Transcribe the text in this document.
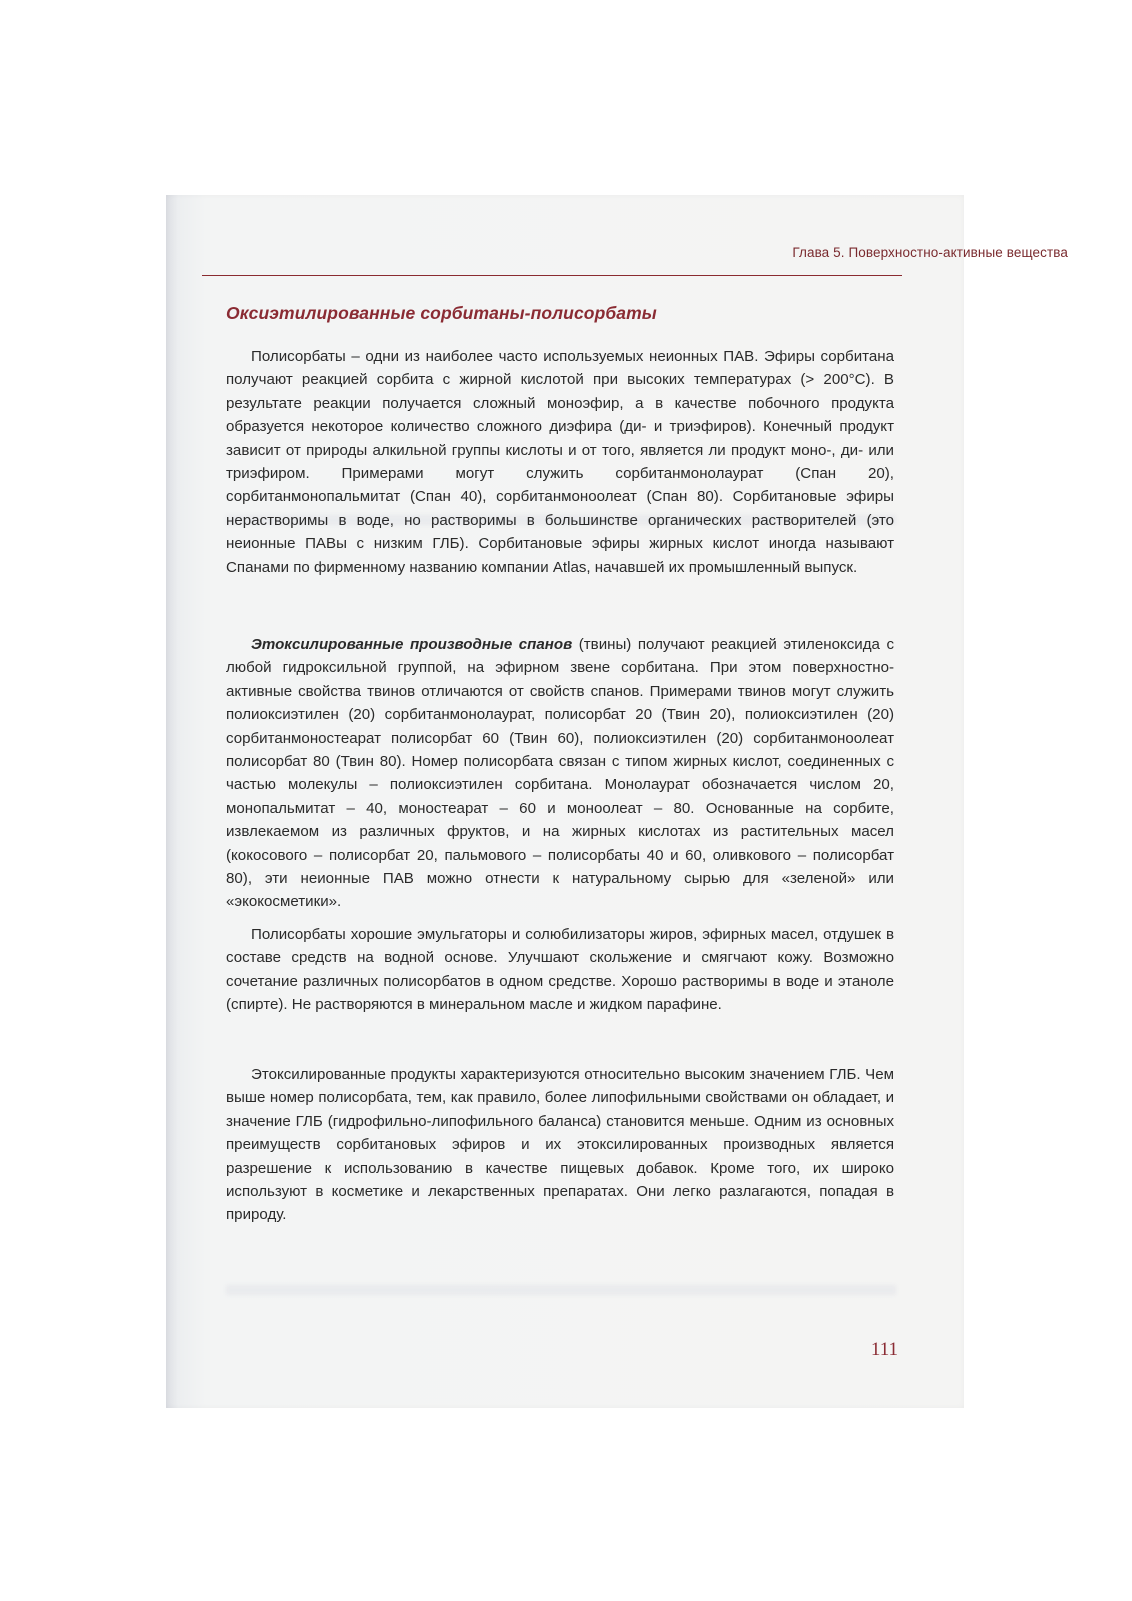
Глава 5. Поверхностно-активные вещества
Оксиэтилированные сорбитаны-полисорбаты

Полисорбаты – одни из наиболее часто используемых неионных ПАВ. Эфиры сорбитана получают реакцией сорбита с жирной кислотой при высоких температурах (> 200°С). В результате реакции получается сложный моноэфир, а в качестве побочного продукта образуется некоторое количество сложного диэфира (ди- и триэфиров). Конечный продукт зависит от природы алкильной группы кислоты и от того, является ли продукт моно-, ди- или триэфиром. Примерами могут служить сорбитанмонолаурат (Спан 20), сорбитанмонопальмитат (Спан 40), сорбитанмоноолеат (Спан 80). Сорбитановые эфиры нерастворимы в воде, но растворимы в большинстве органических растворителей (это неионные ПАВы с низким ГЛБ). Сорбитановые эфиры жирных кислот иногда называют Спанами по фирменному названию компании Atlas, начавшей их промышленный выпуск.

Этоксилированные производные спанов (твины) получают реакцией этиленоксида с любой гидроксильной группой, на эфирном звене сорбитана. При этом поверхностно-активные свойства твинов отличаются от свойств спанов. Примерами твинов могут служить полиоксиэтилен (20) сорбитанмонолаурат, полисорбат 20 (Твин 20), полиоксиэтилен (20) сорбитанмоностеарат полисорбат 60 (Твин 60), полиоксиэтилен (20) сорбитанмоноолеат полисорбат 80 (Твин 80). Номер полисорбата связан с типом жирных кислот, соединенных с частью молекулы – полиоксиэтилен сорбитана. Монолаурат обозначается числом 20, монопальмитат – 40, моностеарат – 60 и моноолеат – 80. Основанные на сорбите, извлекаемом из различных фруктов, и на жирных кислотах из растительных масел (кокосового – полисорбат 20, пальмового – полисорбаты 40 и 60, оливкового – полисорбат 80), эти неионные ПАВ можно отнести к натуральному сырью для «зеленой» или «экокосметики».

Полисорбаты хорошие эмульгаторы и солюбилизаторы жиров, эфирных масел, отдушек в составе средств на водной основе. Улучшают скольжение и смягчают кожу. Возможно сочетание различных полисорбатов в одном средстве. Хорошо растворимы в воде и этаноле (спирте). Не растворяются в минеральном масле и жидком парафине.

Этоксилированные продукты характеризуются относительно высоким значением ГЛБ. Чем выше номер полисорбата, тем, как правило, более липофильными свойствами он обладает, и значение ГЛБ (гидрофильно-липофильного баланса) становится меньше. Одним из основных преимуществ сорбитановых эфиров и их этоксилированных производных является разрешение к использованию в качестве пищевых добавок. Кроме того, их широко используют в косметике и лекарственных препаратах. Они легко разлагаются, попадая в природу.

111
